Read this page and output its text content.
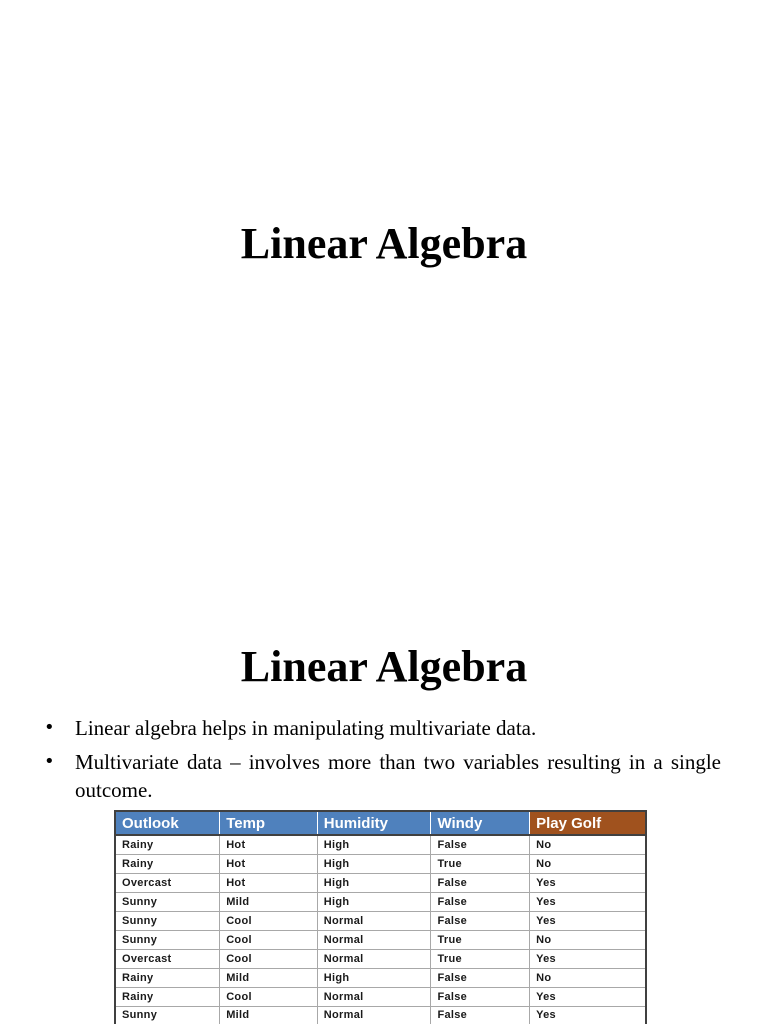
Linear Algebra
Linear Algebra
• Linear algebra helps in manipulating multivariate data.
• Multivariate data – involves more than two variables resulting in a single outcome.
Outlook	Temp	Humidity	Windy	Play Golf
Rainy	Hot	High	False	No
Rainy	Hot	High	True	No
Overcast	Hot	High	False	Yes
Sunny	Mild	High	False	Yes
Sunny	Cool	Normal	False	Yes
Sunny	Cool	Normal	True	No
Overcast	Cool	Normal	True	Yes
Rainy	Mild	High	False	No
Rainy	Cool	Normal	False	Yes
Sunny	Mild	Normal	False	Yes
